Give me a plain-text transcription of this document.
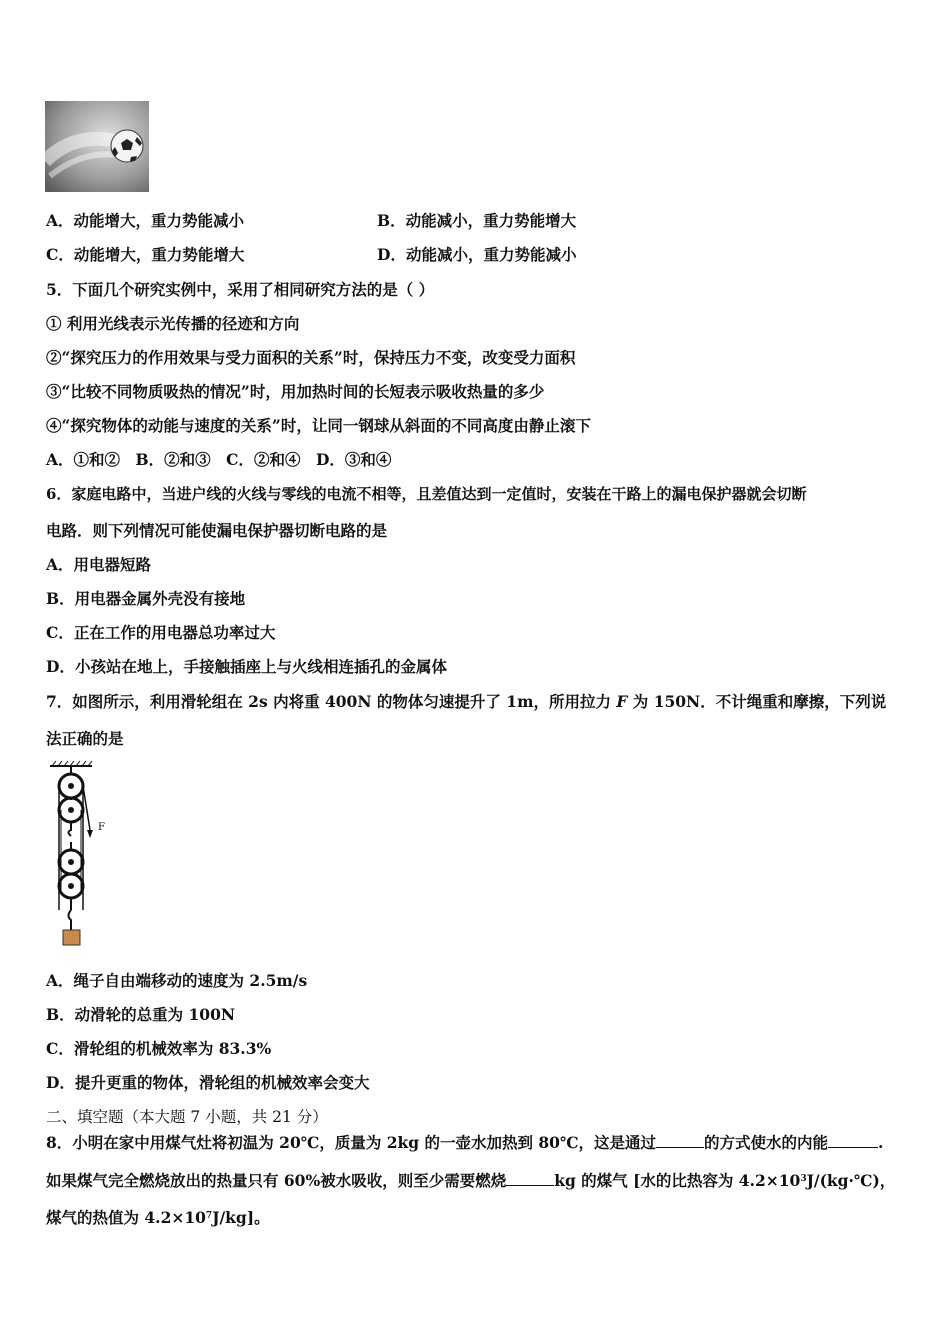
A．动能增大，重力势能减小	B．动能减小，重力势能增大
C．动能增大，重力势能增大	D．动能减小，重力势能减小
5．下面几个研究实例中，采用了相同研究方法的是（ ）
① 利用光线表示光传播的径迹和方向
②“探究压力的作用效果与受力面积的关系”时，保持压力不变，改变受力面积
③“比较不同物质吸热的情况”时，用加热时间的长短表示吸收热量的多少
④“探究物体的动能与速度的关系”时，让同一钢球从斜面的不同高度由静止滚下
A．①和②　B．②和③　C．②和④　D．③和④
6．家庭电路中，当进户线的火线与零线的电流不相等，且差值达到一定值时，安装在干路上的漏电保护器就会切断
电路．则下列情况可能使漏电保护器切断电路的是
A．用电器短路
B．用电器金属外壳没有接地
C．正在工作的用电器总功率过大
D．小孩站在地上，手接触插座上与火线相连插孔的金属体
7．如图所示，利用滑轮组在 2s 内将重 400N 的物体匀速提升了 1m，所用拉力 F 为 150N．不计绳重和摩擦，下列说
法正确的是
F
A．绳子自由端移动的速度为 2.5m/s
B．动滑轮的总重为 100N
C．滑轮组的机械效率为 83.3%
D．提升更重的物体，滑轮组的机械效率会变大
二、填空题（本大题 7 小题，共 21 分）
8．小明在家中用煤气灶将初温为 20℃，质量为 2kg 的一壶水加热到 80℃，这是通过	的方式使水的内能	.
如果煤气完全燃烧放出的热量只有 60%被水吸收，则至少需要燃烧	kg 的煤气 [水的比热容为 $4.2\times 10^3J/(kg\cdot℃)$，
煤气的热值为 $4.2\times 10^7J/kg$]。
